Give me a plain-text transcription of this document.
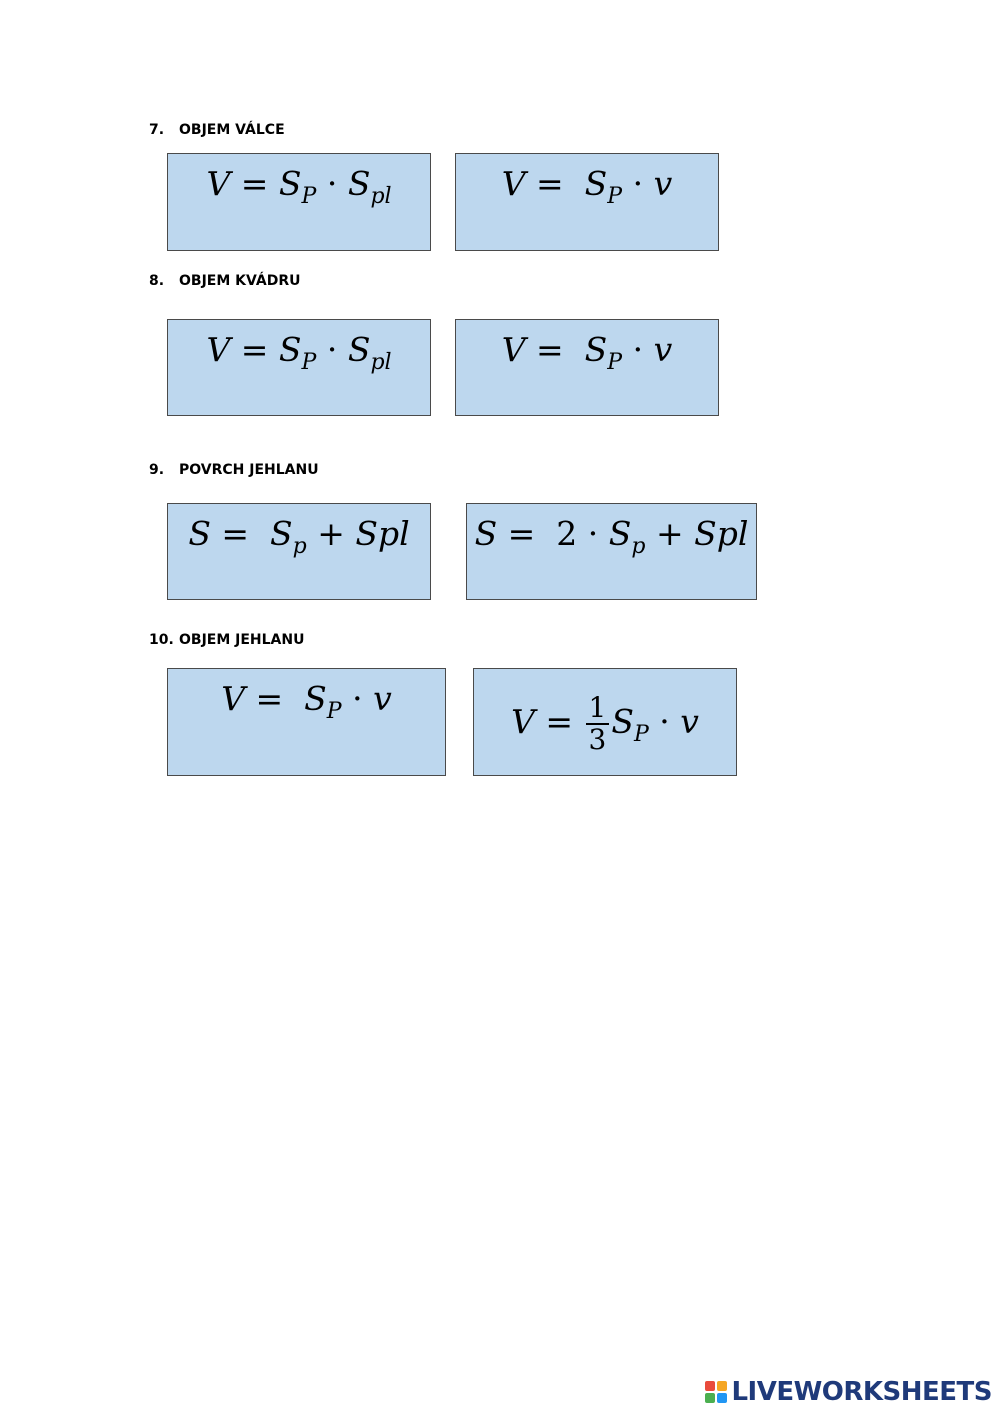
7. OBJEM VÁLCE
$V = S_P \cdot S_{pl}$	$V = S_P \cdot v$
8. OBJEM KVÁDRU
$V = S_P \cdot S_{pl}$	$V = S_P \cdot v$
9. POVRCH JEHLANU
$S = S_p$ + Spl	$S = 2 \cdot S_p$ + Spl
10. OBJEM JEHLANU
$V = S_P \cdot v$
$V = \frac{1}{3} S_P \cdot v$
LIVEWORKSHEETS
